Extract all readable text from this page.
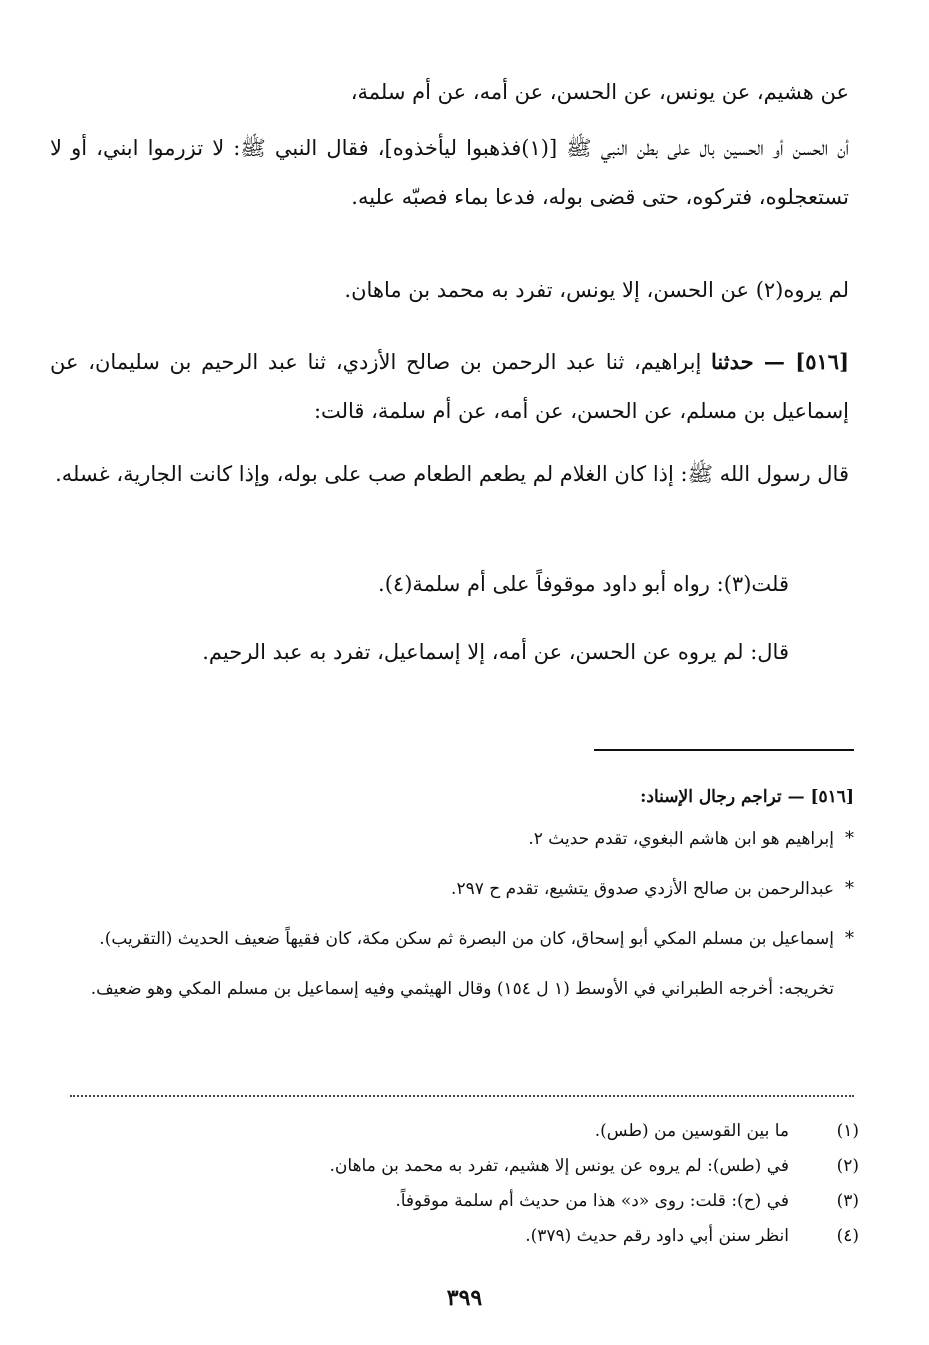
عن هشيم، عن يونس، عن الحسن، عن أمه، عن أم سلمة،

أن الحسن أو الحسين بال على بطن النبي ﷺ [(١)فذهبوا ليأخذوه]، فقال النبي ﷺ: لا تزرموا ابني، أو لا تستعجلوه، فتركوه، حتى قضى بوله، فدعا بماء فصبّه عليه.

لم يروه(٢) عن الحسن، إلا يونس، تفرد به محمد بن ماهان.

[٥١٦] — حدثنا إبراهيم، ثنا عبد الرحمن بن صالح الأزدي، ثنا عبد الرحيم بن سليمان، عن إسماعيل بن مسلم، عن الحسن، عن أمه، عن أم سلمة، قالت:

قال رسول الله ﷺ: إذا كان الغلام لم يطعم الطعام صب على بوله، وإذا كانت الجارية، غسله.

قلت(٣): رواه أبو داود موقوفاً على أم سلمة(٤).

قال: لم يروه عن الحسن، عن أمه، إلا إسماعيل، تفرد به عبد الرحيم.

[٥١٦] — تراجم رجال الإسناد:

*
إبراهيم هو ابن هاشم البغوي، تقدم حديث ٢.

*
عبدالرحمن بن صالح الأزدي صدوق يتشيع، تقدم ح ٢٩٧.

*
إسماعيل بن مسلم المكي أبو إسحاق، كان من البصرة ثم سكن مكة، كان فقيهاً ضعيف الحديث (التقريب).

تخريجه: أخرجه الطبراني في الأوسط (١ ل ١٥٤) وقال الهيثمي وفيه إسماعيل بن مسلم المكي وهو ضعيف.

(١)
ما بين القوسين من (طس).
(٢)
في (طس): لم يروه عن يونس إلا هشيم، تفرد به محمد بن ماهان.
(٣)
في (ح): قلت: روى «د» هذا من حديث أم سلمة موقوفاً.
(٤)
انظر سنن أبي داود رقم حديث (٣٧٩).
٣٩٩
